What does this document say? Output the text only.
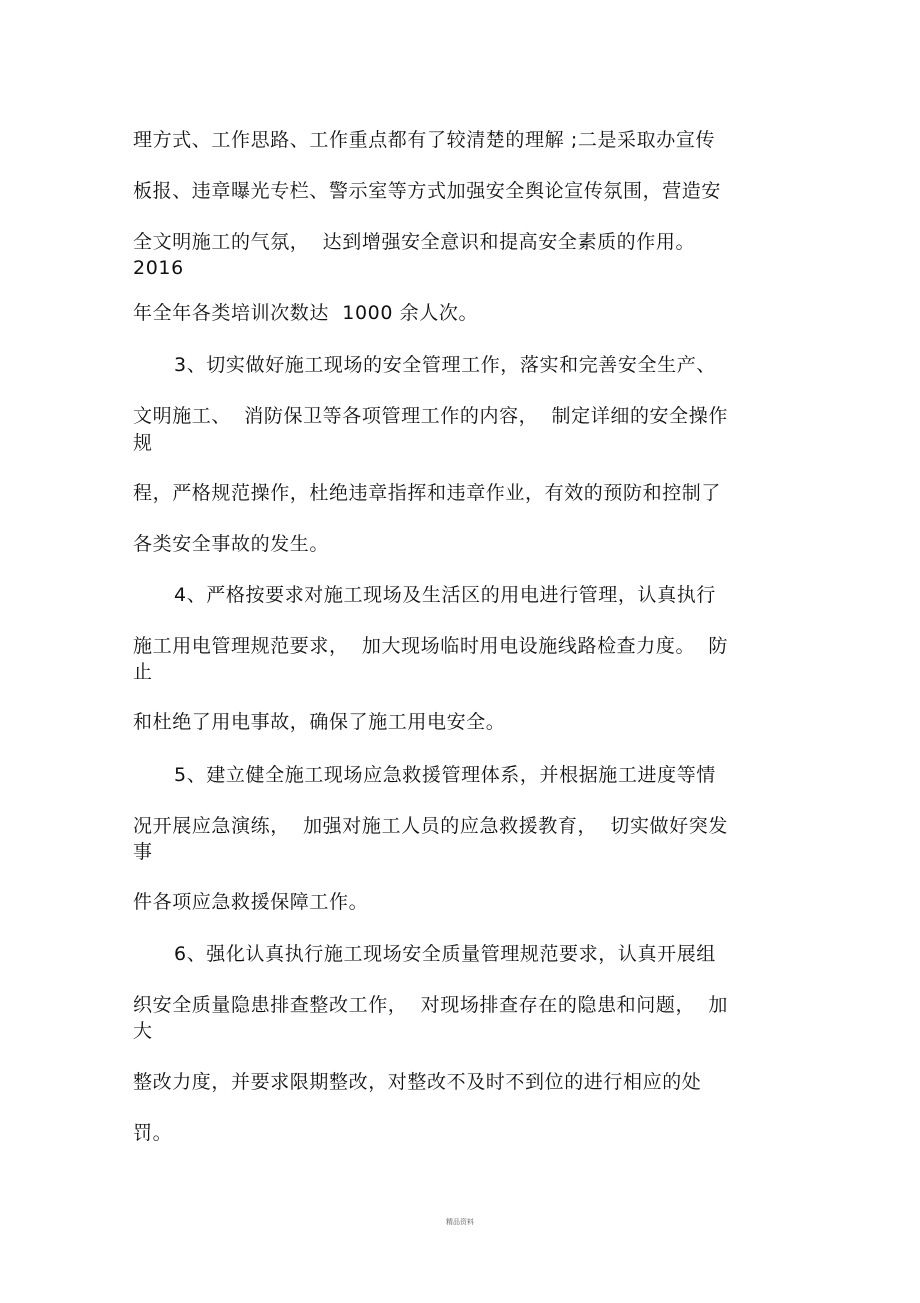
理方式、工作思路、工作重点都有了较清楚的理解 ;二是采取办宣传
板报、违章曝光专栏、警示室等方式加强安全舆论宣传氛围，营造安
全文明施工的气氛，  达到增强安全意识和提高安全素质的作用。
2016
年全年各类培训次数达  1000 余人次。
3、切实做好施工现场的安全管理工作，落实和完善安全生产、
文明施工、  消防保卫等各项管理工作的内容，  制定详细的安全操作
规
程，严格规范操作，杜绝违章指挥和违章作业，有效的预防和控制了
各类安全事故的发生。
4、严格按要求对施工现场及生活区的用电进行管理，认真执行
施工用电管理规范要求，  加大现场临时用电设施线路检查力度。  防
止
和杜绝了用电事故，确保了施工用电安全。
5、建立健全施工现场应急救援管理体系，并根据施工进度等情
况开展应急演练，  加强对施工人员的应急救援教育，  切实做好突发
事
件各项应急救援保障工作。
6、强化认真执行施工现场安全质量管理规范要求，认真开展组
织安全质量隐患排查整改工作，  对现场排查存在的隐患和问题，  加
大
整改力度，并要求限期整改，对整改不及时不到位的进行相应的处
罚。
精品资料
